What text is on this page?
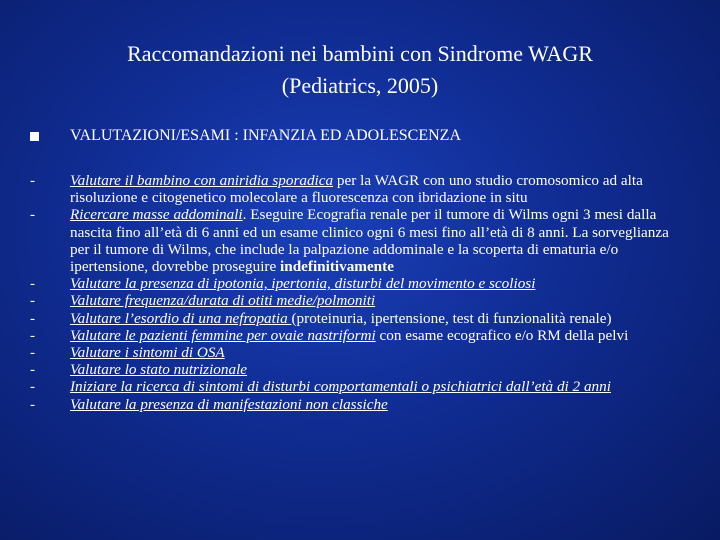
Raccomandazioni nei bambini con Sindrome WAGR
(Pediatrics, 2005)
VALUTAZIONI/ESAMI : INFANZIA ED ADOLESCENZA
-	Valutare il bambino con aniridia sporadica per la WAGR con uno studio cromosomico ad alta risoluzione e citogenetico molecolare a fluorescenza con ibridazione in situ
-	Ricercare masse addominali. Eseguire Ecografia renale per il tumore di Wilms ogni 3 mesi dalla nascita fino all’età di 6 anni ed un esame clinico ogni 6 mesi fino all’età di 8 anni. La sorveglianza per il tumore di Wilms, che include la palpazione addominale e la scoperta di ematuria e/o ipertensione, dovrebbe proseguire indefinitivamente
-	Valutare la presenza di ipotonia, ipertonia, disturbi del movimento e scoliosi
-	Valutare frequenza/durata di otiti medie/polmoniti
-	Valutare l’esordio di una nefropatia (proteinuria, ipertensione, test di funzionalità renale)
-	Valutare le pazienti femmine per ovaie nastriformi con esame ecografico e/o RM della pelvi
-	Valutare i sintomi di OSA
-	Valutare lo stato nutrizionale
-	Iniziare la ricerca di sintomi di disturbi comportamentali o psichiatrici dall’età di 2 anni
-	Valutare la presenza di manifestazioni non classiche
